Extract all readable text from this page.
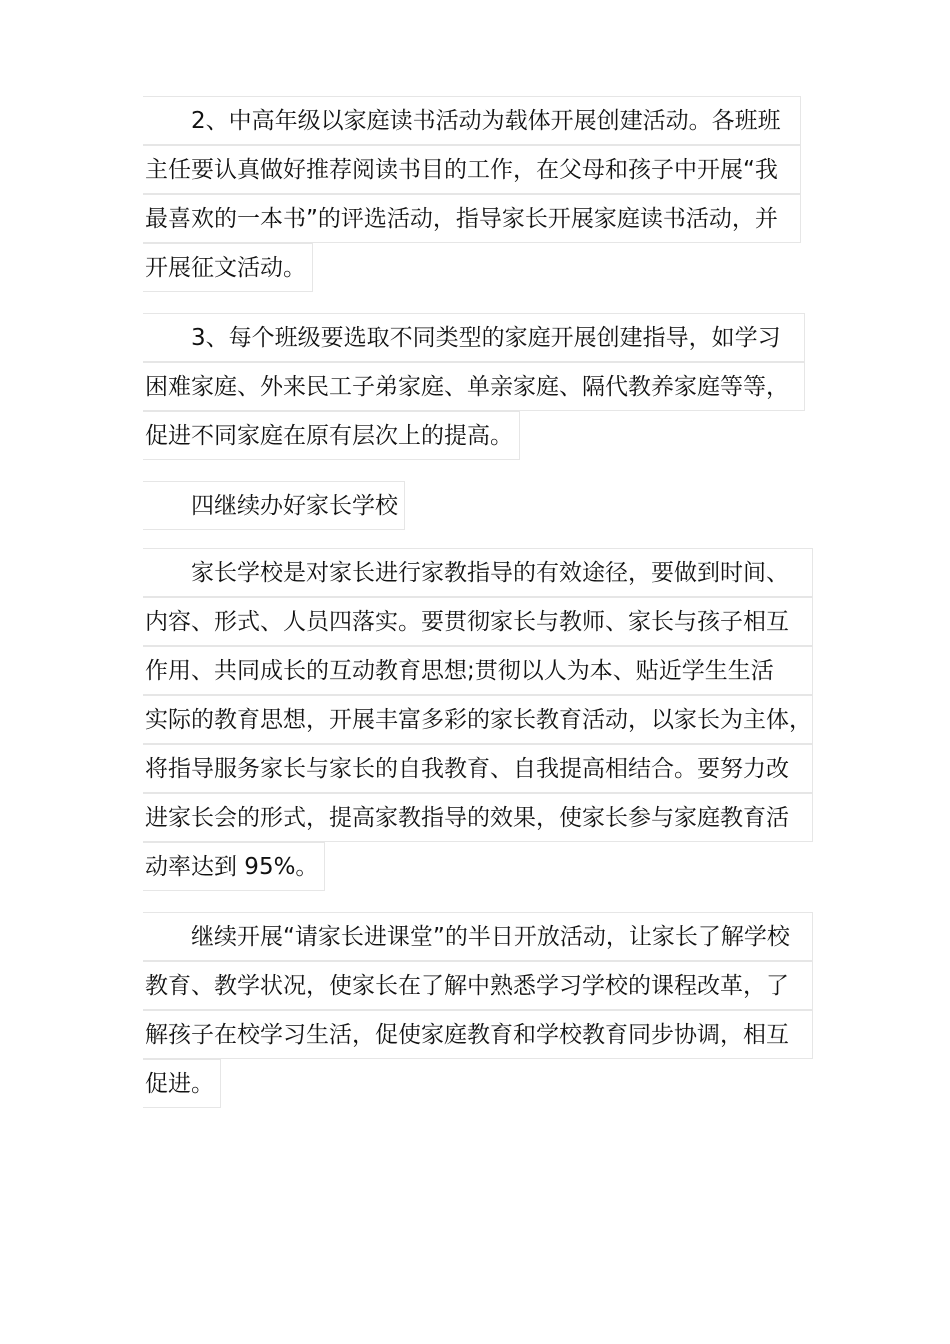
2、中高年级以家庭读书活动为载体开展创建活动。各班班
主任要认真做好推荐阅读书目的工作，在父母和孩子中开展“我
最喜欢的一本书”的评选活动，指导家长开展家庭读书活动，并
开展征文活动。
3、每个班级要选取不同类型的家庭开展创建指导，如学习
困难家庭、外来民工子弟家庭、单亲家庭、隔代教养家庭等等，
促进不同家庭在原有层次上的提高。
四继续办好家长学校
家长学校是对家长进行家教指导的有效途径，要做到时间、
内容、形式、人员四落实。要贯彻家长与教师、家长与孩子相互
作用、共同成长的互动教育思想;贯彻以人为本、贴近学生生活
实际的教育思想，开展丰富多彩的家长教育活动，以家长为主体，
将指导服务家长与家长的自我教育、自我提高相结合。要努力改
进家长会的形式，提高家教指导的效果，使家长参与家庭教育活
动率达到 95%。
继续开展“请家长进课堂”的半日开放活动，让家长了解学校
教育、教学状况，使家长在了解中熟悉学习学校的课程改革，了
解孩子在校学习生活，促使家庭教育和学校教育同步协调，相互
促进。
